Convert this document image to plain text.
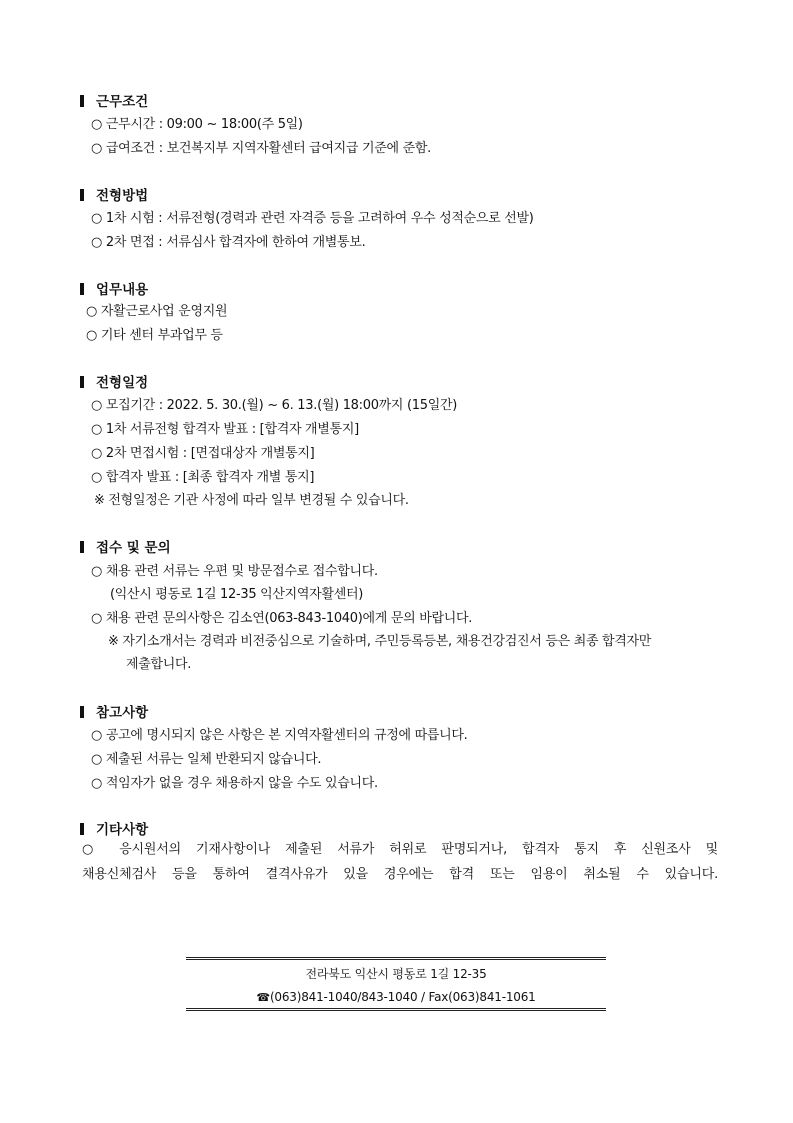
근무조건
○ 근무시간 : 09:00 ~ 18:00(주 5일)
○ 급여조건 : 보건복지부 지역자활센터 급여지급 기준에 준함.
전형방법
○ 1차 시험 : 서류전형(경력과 관련 자격증 등을 고려하여 우수 성적순으로 선발)
○ 2차 면접 : 서류심사 합격자에 한하여 개별통보.
업무내용
○ 자활근로사업 운영지원
○ 기타 센터 부과업무 등
전형일정
○ 모집기간 : 2022. 5. 30.(월) ~ 6. 13.(월) 18:00까지 (15일간)
○ 1차 서류전형 합격자 발표 : [합격자 개별통지]
○ 2차 면접시험 : [면접대상자 개별통지]
○ 합격자 발표 : [최종 합격자 개별 통지]
※ 전형일정은 기관 사정에 따라 일부 변경될 수 있습니다.
접수 및 문의
○ 채용 관련 서류는 우편 및 방문접수로 접수합니다.
(익산시 평동로 1길 12-35 익산지역자활센터)
○ 채용 관련 문의사항은 김소연(063-843-1040)에게 문의 바랍니다.
※ 자기소개서는 경력과 비전중심으로 기술하며, 주민등록등본, 채용건강검진서 등은 최종 합격자만
제출합니다.
참고사항
○ 공고에 명시되지 않은 사항은 본 지역자활센터의 규정에 따릅니다.
○ 제출된 서류는 일체 반환되지 않습니다.
○ 적임자가 없을 경우 채용하지 않을 수도 있습니다.
기타사항
○ 응시원서의 기재사항이나 제출된 서류가 허위로 판명되거나, 합격자 통지 후 신원조사 및
채용신체검사 등을 통하여 결격사유가 있을 경우에는 합격 또는 임용이 취소될 수 있습니다.
전라북도 익산시 평동로 1길 12-35
☎(063)841-1040/843-1040 / Fax(063)841-1061
